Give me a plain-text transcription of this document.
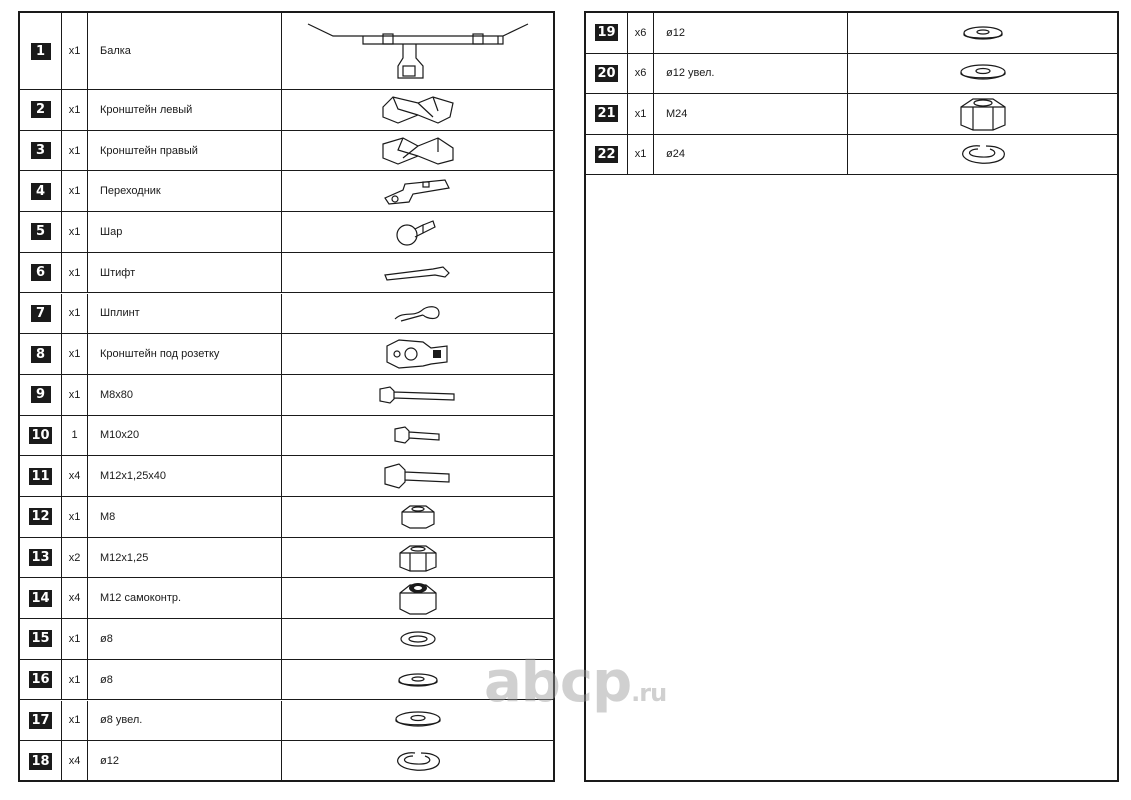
1	x1	Балка
2	x1	Кронштейн левый
3	x1	Кронштейн правый
4	x1	Переходник
5	x1	Шар
6	x1	Штифт
7	x1	Шплинт
8	x1	Кронштейн под розетку
9	x1	M8x80
10	1	M10x20
11	x4	M12x1,25x40
12	x1	M8
13	x2	M12x1,25
14	x4	M12 самоконтр.
15	x1	ø8
16	x1	ø8
17	x1	ø8 увел.
18	x4	ø12
19	x6	ø12
20	x6	ø12 увел.
21	x1	M24
22	x1	ø24
abcp.ru
